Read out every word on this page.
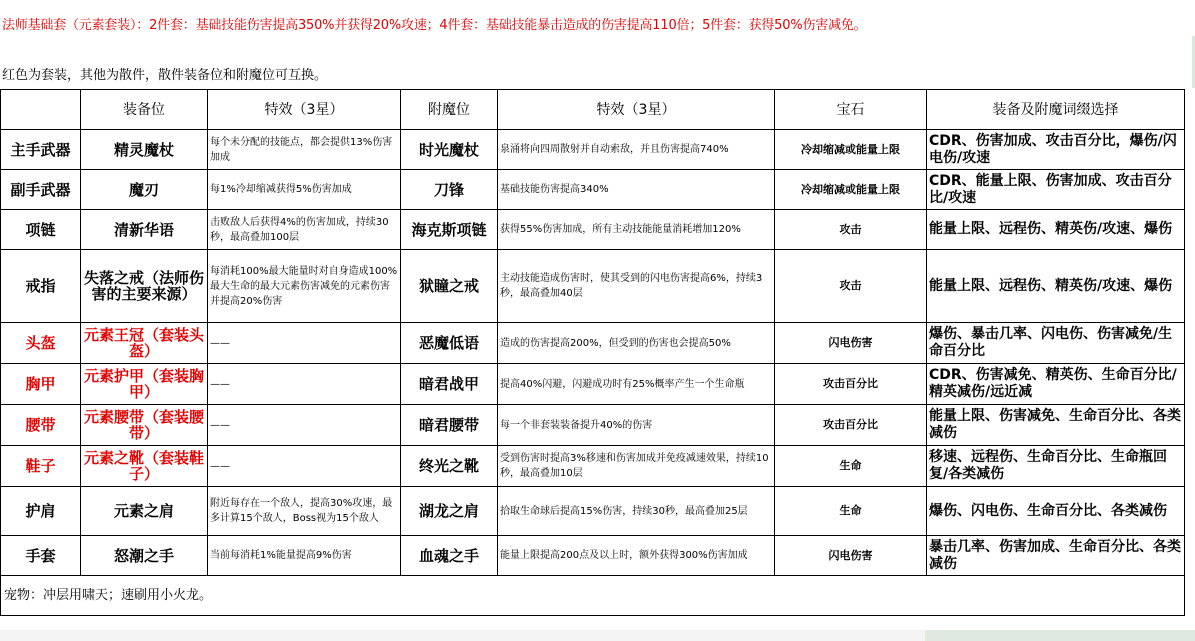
法师基础套（元素套装）：2件套：基础技能伤害提高350%并获得20%攻速；4件套：基础技能暴击造成的伤害提高110倍；5件套：获得50%伤害减免。
红色为套装，其他为散件，散件装备位和附魔位可互换。
	装备位	特效（3星）	附魔位	特效（3星）	宝石	装备及附魔词缀选择
主手武器	精灵魔杖	每个未分配的技能点，都会提供13%伤害加成	时光魔杖	泉涌将向四周散射并自动索敌，并且伤害提高740%	冷却缩减或能量上限	CDR、伤害加成、攻击百分比，爆伤/闪电伤/攻速
副手武器	魔刃	每1%冷却缩减获得5%伤害加成	刀锋	基础技能伤害提高340%	冷却缩减或能量上限	CDR、能量上限、伤害加成、攻击百分比/攻速
项链	清新华语	击败敌人后获得4%的伤害加成，持续30秒，最高叠加100层	海克斯项链	获得55%伤害加成，所有主动技能能量消耗增加120%	攻击	能量上限、远程伤、精英伤/攻速、爆伤
戒指	失落之戒（法师伤害的主要来源）	每消耗100%最大能量时对自身造成100%最大生命的最大元素伤害减免的元素伤害并提高20%伤害	狱瞳之戒	主动技能造成伤害时，使其受到的闪电伤害提高6%，持续3秒，最高叠加40层	攻击	能量上限、远程伤、精英伤/攻速、爆伤
头盔	元素王冠（套装头盔）	——	恶魔低语	造成的伤害提高200%，但受到的伤害也会提高50%	闪电伤害	爆伤、暴击几率、闪电伤、伤害减免/生命百分比
胸甲	元素护甲（套装胸甲）	——	暗君战甲	提高40%闪避，闪避成功时有25%概率产生一个生命瓶	攻击百分比	CDR、伤害减免、精英伤、生命百分比/精英减伤/远近减
腰带	元素腰带（套装腰带）	——	暗君腰带	每一个非套装装备提升40%的伤害	攻击百分比	能量上限、伤害减免、生命百分比、各类减伤
鞋子	元素之靴（套装鞋子）	——	终光之靴	受到伤害时提高3%移速和伤害加成并免疫减速效果，持续10秒，最高叠加10层	生命	移速、远程伤、生命百分比、生命瓶回复/各类减伤
护肩	元素之肩	附近每存在一个敌人，提高30%攻速，最多计算15个敌人，Boss视为15个敌人	湖龙之肩	拾取生命球后提高15%伤害，持续30秒，最高叠加25层	生命	爆伤、闪电伤、生命百分比、各类减伤
手套	怒潮之手	当前每消耗1%能量提高9%伤害	血魂之手	能量上限提高200点及以上时，额外获得300%伤害加成	闪电伤害	暴击几率、伤害加成、生命百分比、各类减伤
宠物：冲层用啸天；速刷用小火龙。						
